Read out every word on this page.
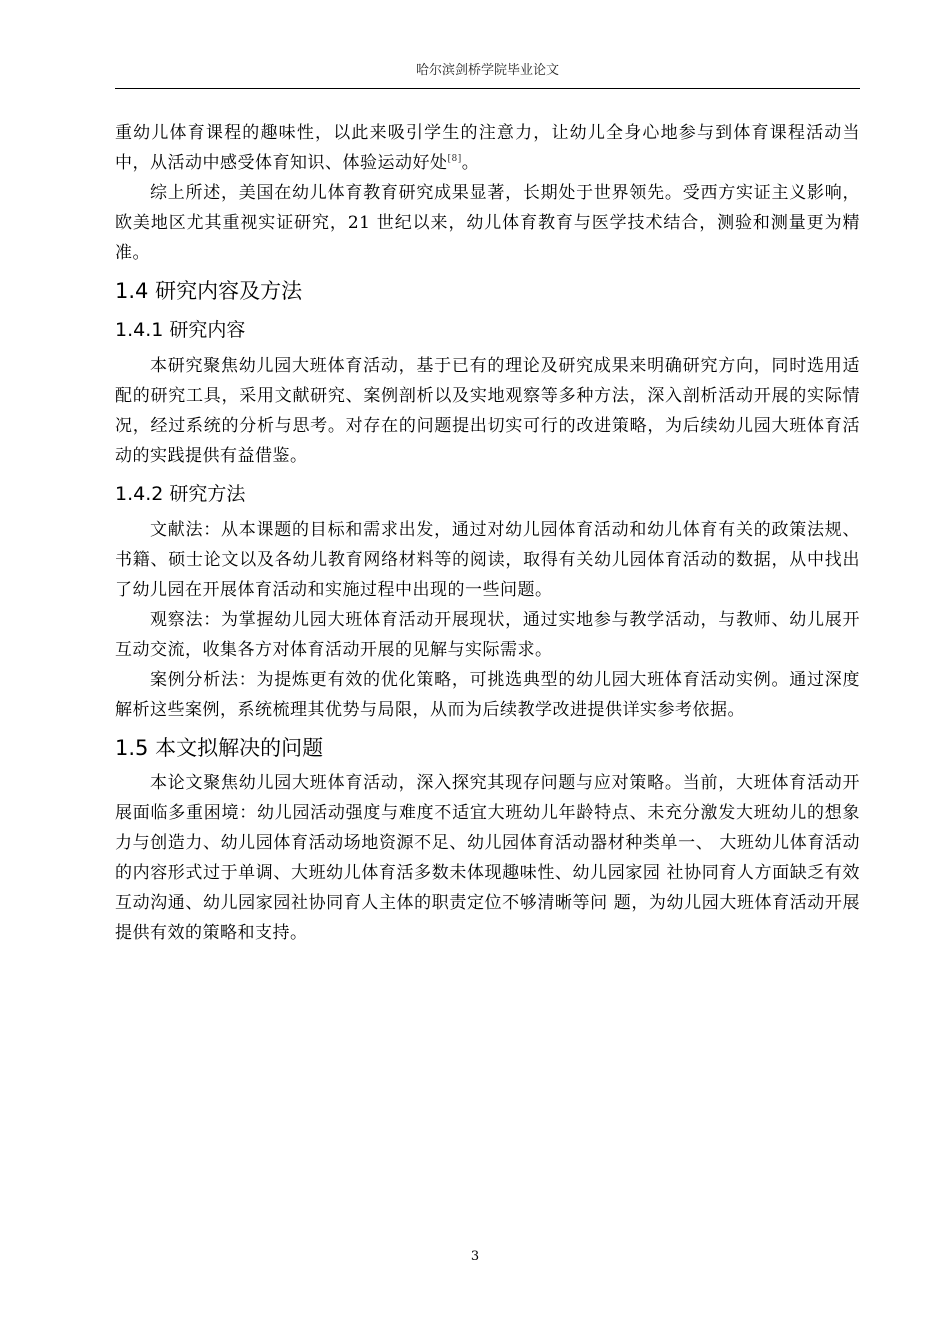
哈尔滨剑桥学院毕业论文

重幼儿体育课程的趣味性，以此来吸引学生的注意力，让幼儿全身心地参与到体育课程活动当中，从活动中感受体育知识、体验运动好处[8]。

综上所述，美国在幼儿体育教育研究成果显著，长期处于世界领先。受西方实证主义影响，欧美地区尤其重视实证研究，21 世纪以来，幼儿体育教育与医学技术结合，测验和测量更为精准。

1.4 研究内容及方法
1.4.1 研究内容

本研究聚焦幼儿园大班体育活动，基于已有的理论及研究成果来明确研究方向，同时选用适配的研究工具，采用文献研究、案例剖析以及实地观察等多种方法，深入剖析活动开展的实际情况，经过系统的分析与思考。对存在的问题提出切实可行的改进策略，为后续幼儿园大班体育活动的实践提供有益借鉴。

1.4.2 研究方法

文献法：从本课题的目标和需求出发，通过对幼儿园体育活动和幼儿体育有关的政策法规、书籍、硕士论文以及各幼儿教育网络材料等的阅读，取得有关幼儿园体育活动的数据，从中找出了幼儿园在开展体育活动和实施过程中出现的一些问题。

观察法：为掌握幼儿园大班体育活动开展现状，通过实地参与教学活动，与教师、幼儿展开互动交流，收集各方对体育活动开展的见解与实际需求。

案例分析法：为提炼更有效的优化策略，可挑选典型的幼儿园大班体育活动实例。通过深度解析这些案例，系统梳理其优势与局限，从而为后续教学改进提供详实参考依据。

1.5 本文拟解决的问题

本论文聚焦幼儿园大班体育活动，深入探究其现存问题与应对策略。当前，大班体育活动开展面临多重困境：幼儿园活动强度与难度不适宜大班幼儿年龄特点、未充分激发大班幼儿的想象力与创造力、幼儿园体育活动场地资源不足、幼儿园体育活动器材种类单一、 大班幼儿体育活动的内容形式过于单调、大班幼儿体育活多数未体现趣味性、幼儿园家园 社协同育人方面缺乏有效互动沟通、幼儿园家园社协同育人主体的职责定位不够清晰等问 题，为幼儿园大班体育活动开展提供有效的策略和支持。

3
